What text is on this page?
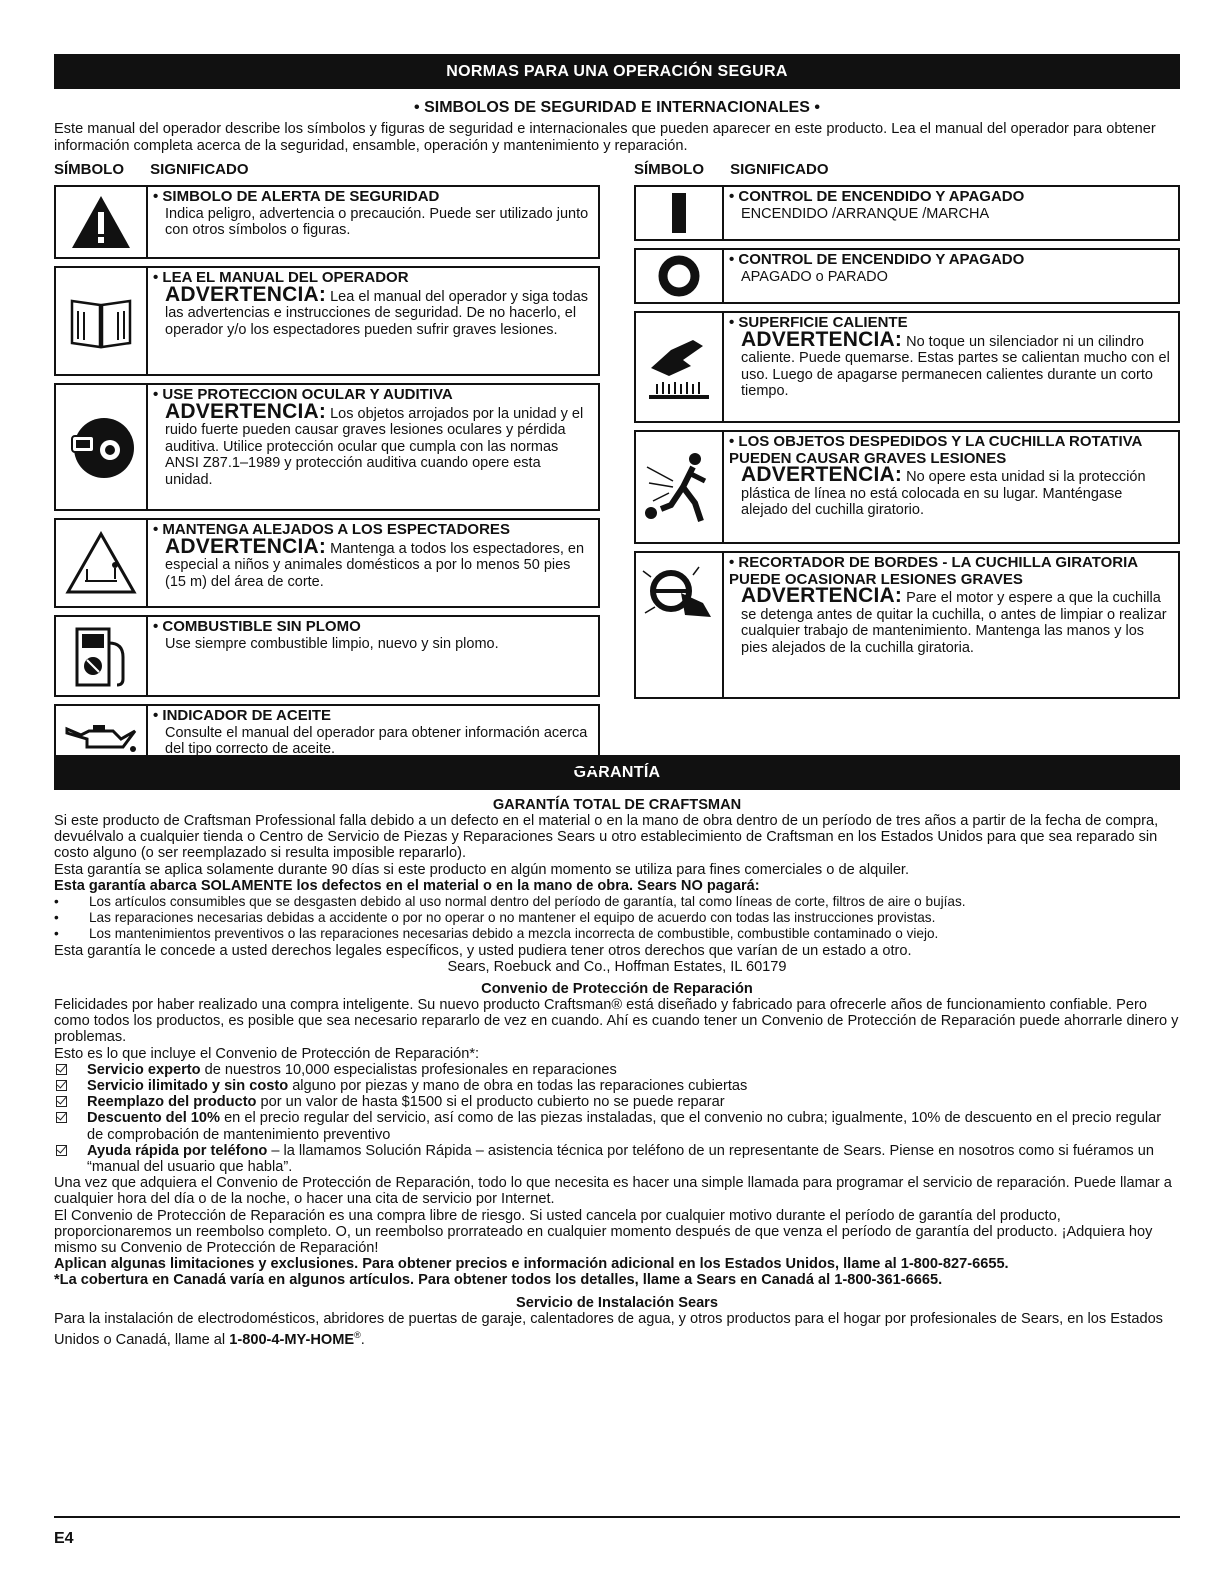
NORMAS PARA UNA OPERACIÓN SEGURA
• SIMBOLOS DE SEGURIDAD E INTERNACIONALES •
Este manual del operador describe los símbolos y figuras de seguridad e internacionales que pueden aparecer en este producto. Lea el manual del operador para obtener información completa acerca de la seguridad, ensamble, operación y mantenimiento y reparación.
SÍMBOLO SIGNIFICADO
• SIMBOLO DE ALERTA DE SEGURIDAD
Indica peligro, advertencia o precaución. Puede ser utilizado junto con otros símbolos o figuras.
• LEA EL MANUAL DEL OPERADOR
ADVERTENCIA: Lea el manual del operador y siga todas las advertencias e instrucciones de seguridad. De no hacerlo, el operador y/o los espectadores pueden sufrir graves lesiones.
• USE PROTECCION OCULAR Y AUDITIVA
ADVERTENCIA: Los objetos arrojados por la unidad y el ruido fuerte pueden causar graves lesiones oculares y pérdida auditiva. Utilice protección ocular que cumpla con las normas ANSI Z87.1–1989 y protección auditiva cuando opere esta unidad.
• MANTENGA ALEJADOS A LOS ESPECTADORES
ADVERTENCIA: Mantenga a todos los espectadores, en especial a niños y animales domésticos a por lo menos 50 pies (15 m) del área de corte.
• COMBUSTIBLE SIN PLOMO
Use siempre combustible limpio, nuevo y sin plomo.
• INDICADOR DE ACEITE
Consulte el manual del operador para obtener información acerca del tipo correcto de aceite.
SÍMBOLO SIGNIFICADO
• CONTROL DE ENCENDIDO Y APAGADO
ENCENDIDO /ARRANQUE /MARCHA
• CONTROL DE ENCENDIDO Y APAGADO
APAGADO o PARADO
• SUPERFICIE CALIENTE
ADVERTENCIA: No toque un silenciador ni un cilindro caliente. Puede quemarse. Estas partes se calientan mucho con el uso. Luego de apagarse permanecen calientes durante un corto tiempo.
• LOS OBJETOS DESPEDIDOS Y LA CUCHILLA ROTATIVA PUEDEN CAUSAR GRAVES LESIONES
ADVERTENCIA: No opere esta unidad si la protección plástica de línea no está colocada en su lugar. Manténgase alejado del cuchilla giratorio.
• RECORTADOR DE BORDES - LA CUCHILLA GIRATORIA PUEDE OCASIONAR LESIONES GRAVES
ADVERTENCIA: Pare el motor y espere a que la cuchilla se detenga antes de quitar la cuchilla, o antes de limpiar o realizar cualquier trabajo de mantenimiento. Mantenga las manos y los pies alejados de la cuchilla giratoria.
GARANTÍA
GARANTÍA TOTAL DE CRAFTSMAN
Si este producto de Craftsman Professional falla debido a un defecto en el material o en la mano de obra dentro de un período de tres años a partir de la fecha de compra, devuélvalo a cualquier tienda o Centro de Servicio de Piezas y Reparaciones Sears u otro establecimiento de Craftsman en los Estados Unidos para que sea reparado sin costo alguno (o ser reemplazado si resulta imposible repararlo).
Esta garantía se aplica solamente durante 90 días si este producto en algún momento se utiliza para fines comerciales o de alquiler.
Esta garantía abarca SOLAMENTE los defectos en el material o en la mano de obra. Sears NO pagará:
•	Los artículos consumibles que se desgasten debido al uso normal dentro del período de garantía, tal como líneas de corte, filtros de aire o bujías.
•	Las reparaciones necesarias debidas a accidente o por no operar o no mantener el equipo de acuerdo con todas las instrucciones provistas.
•	Los mantenimientos preventivos o las reparaciones necesarias debido a mezcla incorrecta de combustible, combustible contaminado o viejo.
Esta garantía le concede a usted derechos legales específicos, y usted pudiera tener otros derechos que varían de un estado a otro.
Sears, Roebuck and Co., Hoffman Estates, IL 60179
Convenio de Protección de Reparación
Felicidades por haber realizado una compra inteligente. Su nuevo producto Craftsman® está diseñado y fabricado para ofrecerle años de funcionamiento confiable. Pero como todos los productos, es posible que sea necesario repararlo de vez en cuando. Ahí es cuando tener un Convenio de Protección de Reparación puede ahorrarle dinero y problemas.
Esto es lo que incluye el Convenio de Protección de Reparación*:
Servicio experto de nuestros 10,000 especialistas profesionales en reparaciones
Servicio ilimitado y sin costo alguno por piezas y mano de obra en todas las reparaciones cubiertas
Reemplazo del producto por un valor de hasta $1500 si el producto cubierto no se puede reparar
Descuento del 10% en el precio regular del servicio, así como de las piezas instaladas, que el convenio no cubra; igualmente, 10% de descuento en el precio regular de comprobación de mantenimiento preventivo
Ayuda rápida por teléfono – la llamamos Solución Rápida – asistencia técnica por teléfono de un representante de Sears. Piense en nosotros como si fuéramos un “manual del usuario que habla”.
Una vez que adquiera el Convenio de Protección de Reparación, todo lo que necesita es hacer una simple llamada para programar el servicio de reparación. Puede llamar a cualquier hora del día o de la noche, o hacer una cita de servicio por Internet.
El Convenio de Protección de Reparación es una compra libre de riesgo. Si usted cancela por cualquier motivo durante el período de garantía del producto, proporcionaremos un reembolso completo. O, un reembolso prorrateado en cualquier momento después de que venza el período de garantía del producto. ¡Adquiera hoy mismo su Convenio de Protección de Reparación!
Aplican algunas limitaciones y exclusiones. Para obtener precios e información adicional en los Estados Unidos, llame al 1-800-827-6655.
*La cobertura en Canadá varía en algunos artículos. Para obtener todos los detalles, llame a Sears en Canadá al 1-800-361-6665.
Servicio de Instalación Sears
Para la instalación de electrodomésticos, abridores de puertas de garaje, calentadores de agua, y otros productos para el hogar por profesionales de Sears, en los Estados Unidos o Canadá, llame al 1-800-4-MY-HOME®.
E4
